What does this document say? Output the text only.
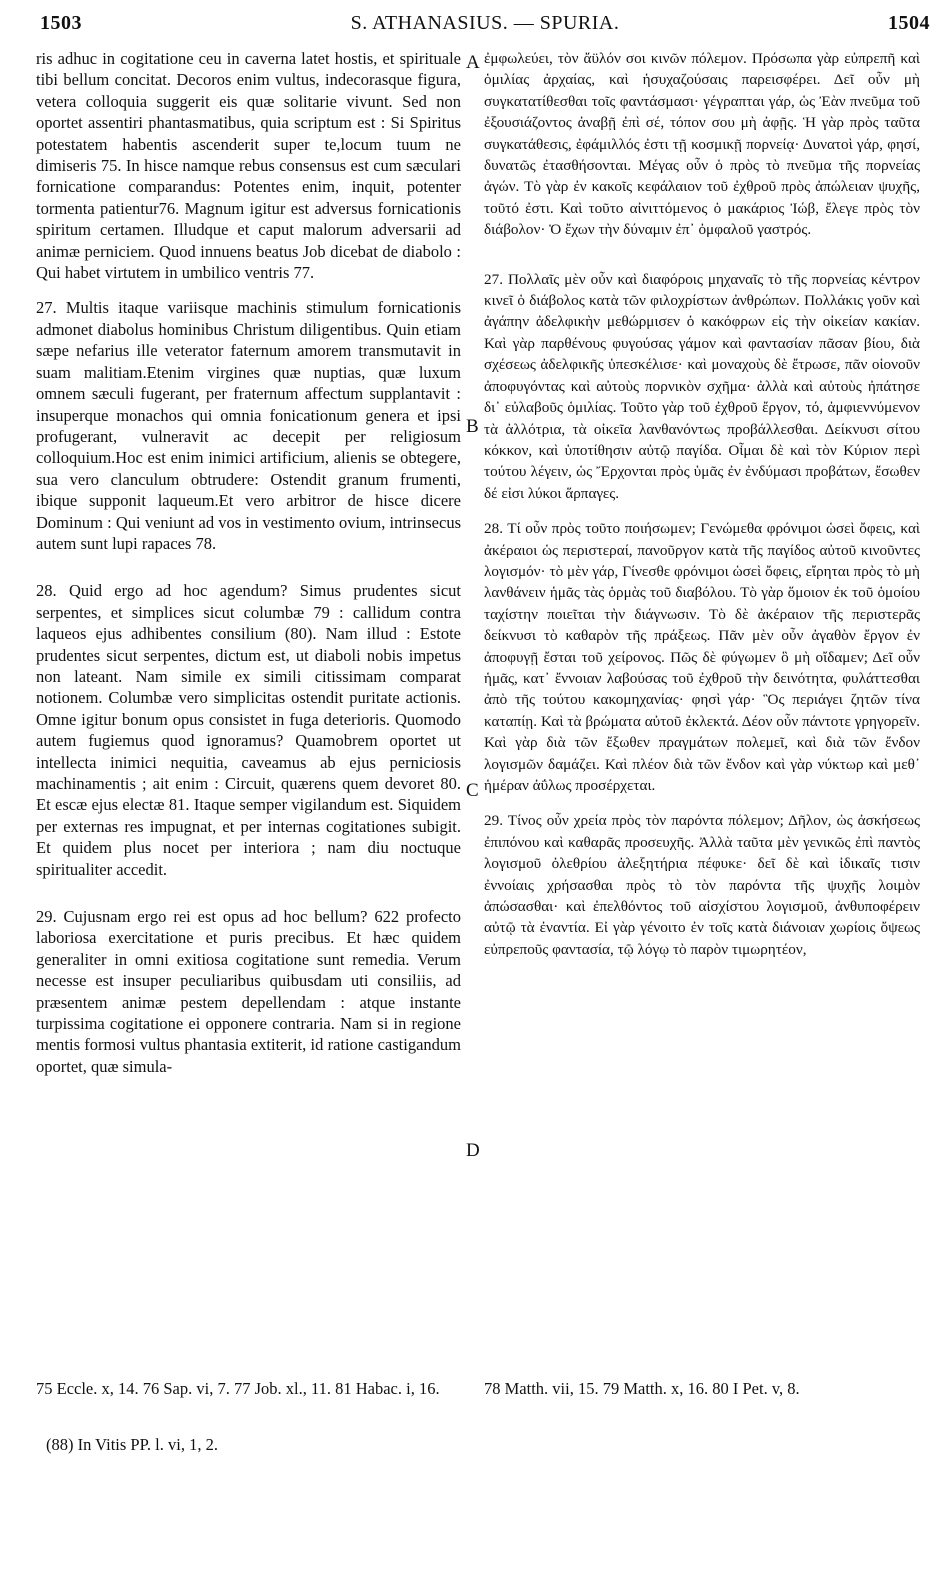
1503	S. ATHANASIUS. — SPURIA.	1504

ris adhuc in cogitatione ceu in caverna latet hostis, et spirituale tibi bellum concitat. Decoros enim vultus, indecorasque figura, vetera colloquia suggerit eis quæ solitarie vivunt. Sed non oportet assentiri phantasmatibus, quia scriptum est : Si Spiritus potestatem habentis ascenderit super te,locum tuum ne dimiseris 75. In hisce namque rebus consensus est cum sæculari fornicatione comparandus: Potentes enim, inquit, potenter tormenta patientur76. Magnum igitur est adversus fornicationis spiritum certamen. Illudque et caput malorum adversarii ad animæ perniciem. Quod innuens beatus Job dicebat de diabolo : Qui habet virtutem in umbilico ventris 77.

27. Multis itaque variisque machinis stimulum fornicationis admonet diabolus hominibus Christum diligentibus. Quin etiam sæpe nefarius ille veterator faternum amorem transmutavit in suam malitiam.Etenim virgines quæ nuptias, quæ luxum omnem sæculi fugerant, per fraternum affectum supplantavit : insuperque monachos qui omnia fonicationum genera et ipsi profugerant, vulneravit ac decepit per religiosum colloquium.Hoc est enim inimici artificium, alienis se obtegere, sua vero clanculum obtrudere: Ostendit granum frumenti, ibique supponit laqueum.Et vero arbitror de hisce dicere Dominum : Qui veniunt ad vos in vestimento ovium, intrinsecus autem sunt lupi rapaces 78.

28. Quid ergo ad hoc agendum? Simus prudentes sicut serpentes, et simplices sicut columbæ 79 : callidum contra laqueos ejus adhibentes consilium (80). Nam illud : Estote prudentes sicut serpentes, dictum est, ut diaboli nobis impetus non lateant. Nam simile ex simili citissimam comparat notionem. Columbæ vero simplicitas ostendit puritate actionis. Omne igitur bonum opus consistet in fuga deterioris. Quomodo autem fugiemus quod ignoramus? Quamobrem oportet ut intellecta inimici nequitia, caveamus ab ejus perniciosis machinamentis ; ait enim : Circuit, quærens quem devoret 80. Et escæ ejus electæ 81. Itaque semper vigilandum est. Siquidem per externas res impugnat, et per internas cogitationes subigit. Et quidem plus nocet per interiora ; nam diu noctuque spiritualiter accedit.

29. Cujusnam ergo rei est opus ad hoc bellum? 622 profecto laboriosa exercitatione et puris precibus. Et hæc quidem generaliter in omni exitiosa cogitatione sunt remedia. Verum necesse est insuper peculiaribus quibusdam uti consiliis, ad præsentem animæ pestem depellendam : atque instante turpissima cogitatione ei opponere contraria. Nam si in regione mentis formosi vultus phantasia extiterit, id ratione castigandum oportet, quæ simula-

A
B
C
D

ἐμφωλεύει, τὸν ἄϋλόν σοι κινῶν πόλεμον. Πρόσωπα γὰρ εὐπρεπῆ καὶ ὁμιλίας ἀρχαίας, καὶ ἡσυχαζούσαις παρεισφέρει. Δεῖ οὖν μὴ συγκατατίθεσθαι τοῖς φαντάσμασι· γέγραπται γάρ, ὡς Ἐὰν πνεῦμα τοῦ ἐξουσιάζοντος ἀναβῇ ἐπὶ σέ, τόπον σου μὴ ἀφῇς. Ἡ γὰρ πρὸς ταῦτα συγκατάθεσις, ἐφάμιλλός ἐστι τῇ κοσμικῇ πορνείᾳ· Δυνατοὶ γάρ, φησί, δυνατῶς ἐτασθήσονται. Μέγας οὖν ὁ πρὸς τὸ πνεῦμα τῆς πορνείας ἀγών. Τὸ γὰρ ἐν κακοῖς κεφάλαιον τοῦ ἐχθροῦ πρὸς ἀπώλειαν ψυχῆς, τοῦτό ἐστι. Καὶ τοῦτο αἰνιττόμενος ὁ μακάριος Ἰώβ, ἔλεγε πρὸς τὸν διάβολον· Ὁ ἔχων τὴν δύναμιν ἐπ᾽ ὀμφαλοῦ γαστρός.

27. Πολλαῖς μὲν οὖν καὶ διαφόροις μηχαναῖς τὸ τῆς πορνείας κέντρον κινεῖ ὁ διάβολος κατὰ τῶν φιλοχρίστων ἀνθρώπων. Πολλάκις γοῦν καὶ ἀγάπην ἀδελφικὴν μεθώρμισεν ὁ κακόφρων εἰς τὴν οἰκείαν κακίαν. Καὶ γὰρ παρθένους φυγούσας γάμον καὶ φαντασίαν πᾶσαν βίου, διὰ σχέσεως ἀδελφικῆς ὑπεσκέλισε· καὶ μοναχοὺς δὲ ἔτρωσε, πᾶν οἱονοῦν ἀποφυγόντας καὶ αὐτοὺς πορνικὸν σχῆμα· ἀλλὰ καὶ αὐτοὺς ἠπάτησε δι᾽ εὐλαβοῦς ὁμιλίας. Τοῦτο γὰρ τοῦ ἐχθροῦ ἔργον, τό, ἀμφιεννύμενον τὰ ἀλλότρια, τὰ οἰκεῖα λανθανόντως προβάλλεσθαι. Δείκνυσι σίτου κόκκον, καὶ ὑποτίθησιν αὐτῷ παγίδα. Οἶμαι δὲ καὶ τὸν Κύριον περὶ τούτου λέγειν, ὡς Ἔρχονται πρὸς ὑμᾶς ἐν ἐνδύμασι προβάτων, ἔσωθεν δέ εἰσι λύκοι ἅρπαγες.

28. Τί οὖν πρὸς τοῦτο ποιήσωμεν; Γενώμεθα φρόνιμοι ὡσεὶ ὄφεις, καὶ ἀκέραιοι ὡς περιστεραί, πανοῦργον κατὰ τῆς παγίδος αὐτοῦ κινοῦντες λογισμόν· τὸ μὲν γάρ, Γίνεσθε φρόνιμοι ὡσεὶ ὄφεις, εἴρηται πρὸς τὸ μὴ λανθάνειν ἡμᾶς τὰς ὁρμὰς τοῦ διαβόλου. Τὸ γὰρ ὅμοιον ἐκ τοῦ ὁμοίου ταχίστην ποιεῖται τὴν διάγνωσιν. Τὸ δὲ ἀκέραιον τῆς περιστερᾶς δείκνυσι τὸ καθαρὸν τῆς πράξεως. Πᾶν μὲν οὖν ἀγαθὸν ἔργον ἐν ἀποφυγῇ ἔσται τοῦ χείρονος. Πῶς δὲ φύγωμεν ὃ μὴ οἴδαμεν; Δεῖ οὖν ἡμᾶς, κατ᾽ ἔννοιαν λαβούσας τοῦ ἐχθροῦ τὴν δεινότητα, φυλάττεσθαι ἀπὸ τῆς τούτου κακομηχανίας· φησὶ γάρ· Ὃς περιάγει ζητῶν τίνα καταπίῃ. Καὶ τὰ βρώματα αὐτοῦ ἐκλεκτά. Δέον οὖν πάντοτε γρηγορεῖν. Καὶ γὰρ διὰ τῶν ἔξωθεν πραγμάτων πολεμεῖ, καὶ διὰ τῶν ἔνδον λογισμῶν δαμάζει. Καὶ πλέον διὰ τῶν ἔνδον καὶ γὰρ νύκτωρ καὶ μεθ᾽ ἡμέραν ἀΰλως προσέρχεται.

29. Τίνος οὖν χρεία πρὸς τὸν παρόντα πόλεμον; Δῆλον, ὡς ἀσκήσεως ἐπιπόνου καὶ καθαρᾶς προσευχῆς. Ἀλλὰ ταῦτα μὲν γενικῶς ἐπὶ παντὸς λογισμοῦ ὀλεθρίου ἀλεξητήρια πέφυκε· δεῖ δὲ καὶ ἰδικαῖς τισιν ἐννοίαις χρήσασθαι πρὸς τὸ τὸν παρόντα τῆς ψυχῆς λοιμὸν ἀπώσασθαι· καὶ ἐπελθόντος τοῦ αἰσχίστου λογισμοῦ, ἀνθυποφέρειν αὐτῷ τὰ ἐναντία. Εἰ γὰρ γένοιτο ἐν τοῖς κατὰ διάνοιαν χωρίοις ὄψεως εὐπρεποῦς φαντασία, τῷ λόγῳ τὸ παρὸν τιμωρητέον,

75 Eccle. x, 14. 76 Sap. vi, 7. 77 Job. xl., 11. 81 Habac. i, 16.	78 Matth. vii, 15. 79 Matth. x, 16. 80 I Pet. v, 8.
(88) In Vitis PP. l. vi, 1, 2.
